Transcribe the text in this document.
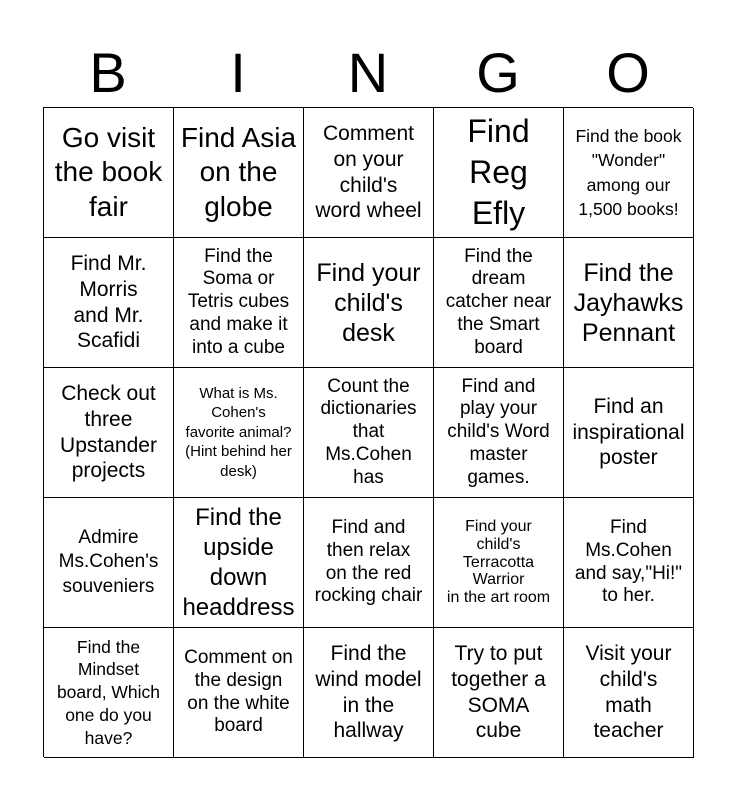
B	I	N	G	O
Go visit
the book
fair
Find Asia
on the
globe
Comment
on your
child's
word wheel
Find
Reg
Efly
Find the book
"Wonder"
among our
1,500 books!
Find Mr.
Morris
and Mr.
Scafidi
Find the
Soma or
Tetris cubes
and make it
into a cube
Find your
child's
desk
Find the
dream
catcher near
the Smart
board
Find the
Jayhawks
Pennant
Check out
three
Upstander
projects
What is Ms.
Cohen's
favorite animal?
(Hint behind her
desk)
Count the
dictionaries
that
Ms.Cohen
has
Find and
play your
child's Word
master
games.
Find an
inspirational
poster
Admire
Ms.Cohen's
souveniers
Find the
upside
down
headdress
Find and
then relax
on the red
rocking chair
Find your
child's
Terracotta
Warrior
in the art room
Find
Ms.Cohen
and say,"Hi!"
to her.
Find the
Mindset
board, Which
one do you
have?
Comment on
the design
on the white
board
Find the
wind model
in the
hallway
Try to put
together a
SOMA
cube
Visit your
child's
math
teacher
